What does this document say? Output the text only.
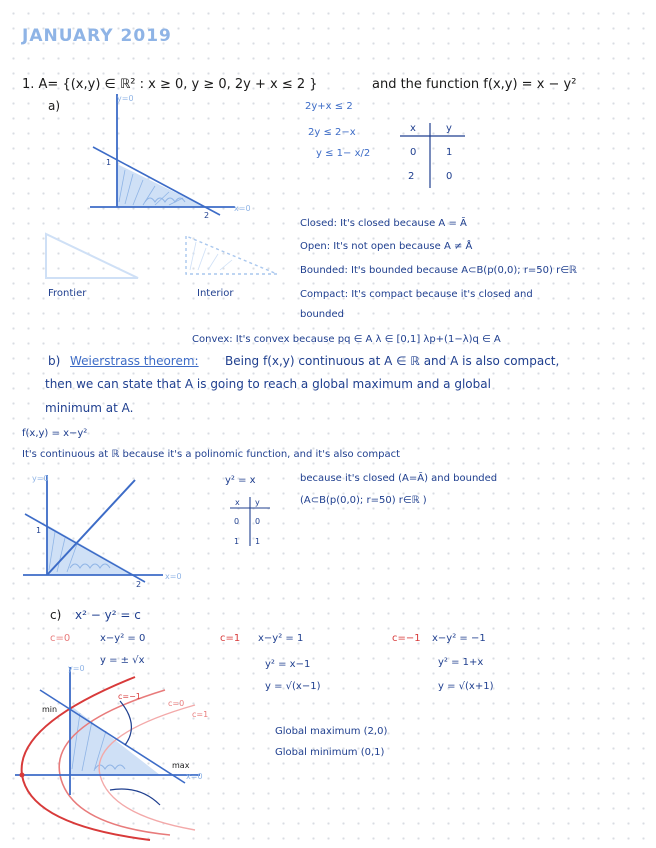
JANUARY 2019
1. A= {(x,y) ∈ ℝ² : x ≥ 0, y ≥ 0, 2y + x ≤ 2 }	and the function f(x,y) = x − y²
a)	2y+x ≤ 2
2y ≤ 2−x
y ≤ 1− x/2
x	y
0	1
2	0
y=0
x=0
1
2
Frontier	Interior
Closed: It's closed because A = Ā
Open: It's not open because A ≠ Å
Bounded: It's bounded because A⊂B(p(0,0); r=50) r∈ℝ
Compact: It's compact because it's closed and
bounded
Convex: It's convex because pq ∈ A λ ∈ [0,1] λp+(1−λ)q ∈ A
b) Weierstrass theorem: Being f(x,y) continuous at A ∈ ℝ and A is also compact,
then we can state that A is going to reach a global maximum and a global
minimum at A.
f(x,y) = x−y²
It's continuous at ℝ because it's a polinomic function, and it's also compact
because it's closed (A=Ā) and bounded
(A⊂B(p(0,0); r=50) r∈ℝ )
y² = x
x y
0 0
1 1
y=0
x=0
1
2
c) x² − y² = c
c=0	x−y² = 0
y = ± √x
c=1 x−y² = 1
y² = x−1
y = √(x−1)
c=−1 x−y² = −1
y² = 1+x
y = √(x+1)
y=0
x=0
c=−1
c=0
c=1
min
max
Global maximum (2,0)
Global minimum (0,1)
